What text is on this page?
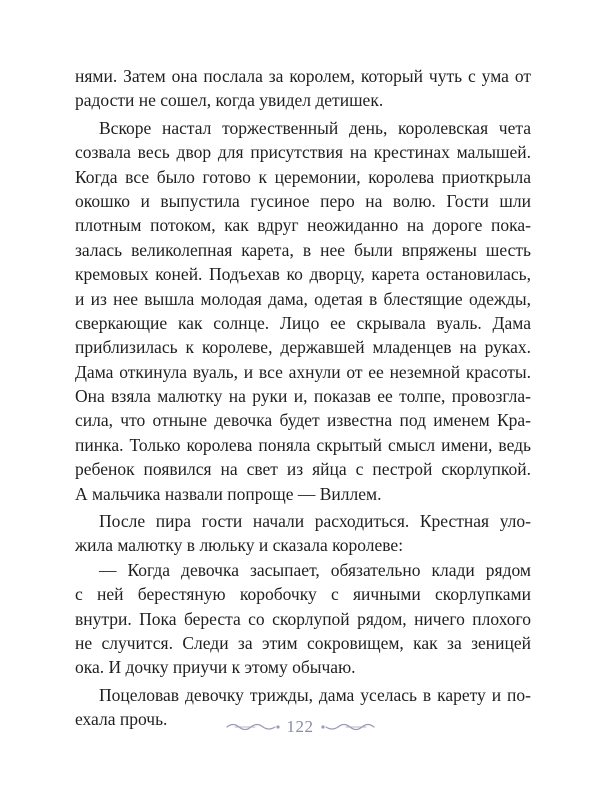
нями. Затем она послала за королем, который чуть с ума от
радости не сошел, когда увидел детишек.
Вскоре настал торжественный день, королевская чета
созвала весь двор для присутствия на крестинах малышей.
Когда все было готово к церемонии, королева приоткрыла
окошко и выпустила гусиное перо на волю. Гости шли
плотным потоком, как вдруг неожиданно на дороге пока-
залась великолепная карета, в нее были впряжены шесть
кремовых коней. Подъехав ко дворцу, карета остановилась,
и из нее вышла молодая дама, одетая в блестящие одежды,
сверкающие как солнце. Лицо ее скрывала вуаль. Дама
приблизилась к королеве, державшей младенцев на руках.
Дама откинула вуаль, и все ахнули от ее неземной красоты.
Она взяла малютку на руки и, показав ее толпе, провозгла-
сила, что отныне девочка будет известна под именем Кра-
пинка. Только королева поняла скрытый смысл имени, ведь
ребенок появился на свет из яйца с пестрой скорлупкой.
А мальчика назвали попроще — Виллем.
После пира гости начали расходиться. Крестная уло-
жила малютку в люльку и сказала королеве:
— Когда девочка засыпает, обязательно клади рядом
с ней берестяную коробочку с яичными скорлупками
внутри. Пока береста со скорлупой рядом, ничего плохого
не случится. Следи за этим сокровищем, как за зеницей
ока. И дочку приучи к этому обычаю.
Поцеловав девочку трижды, дама уселась в карету и по-
ехала прочь.	122
